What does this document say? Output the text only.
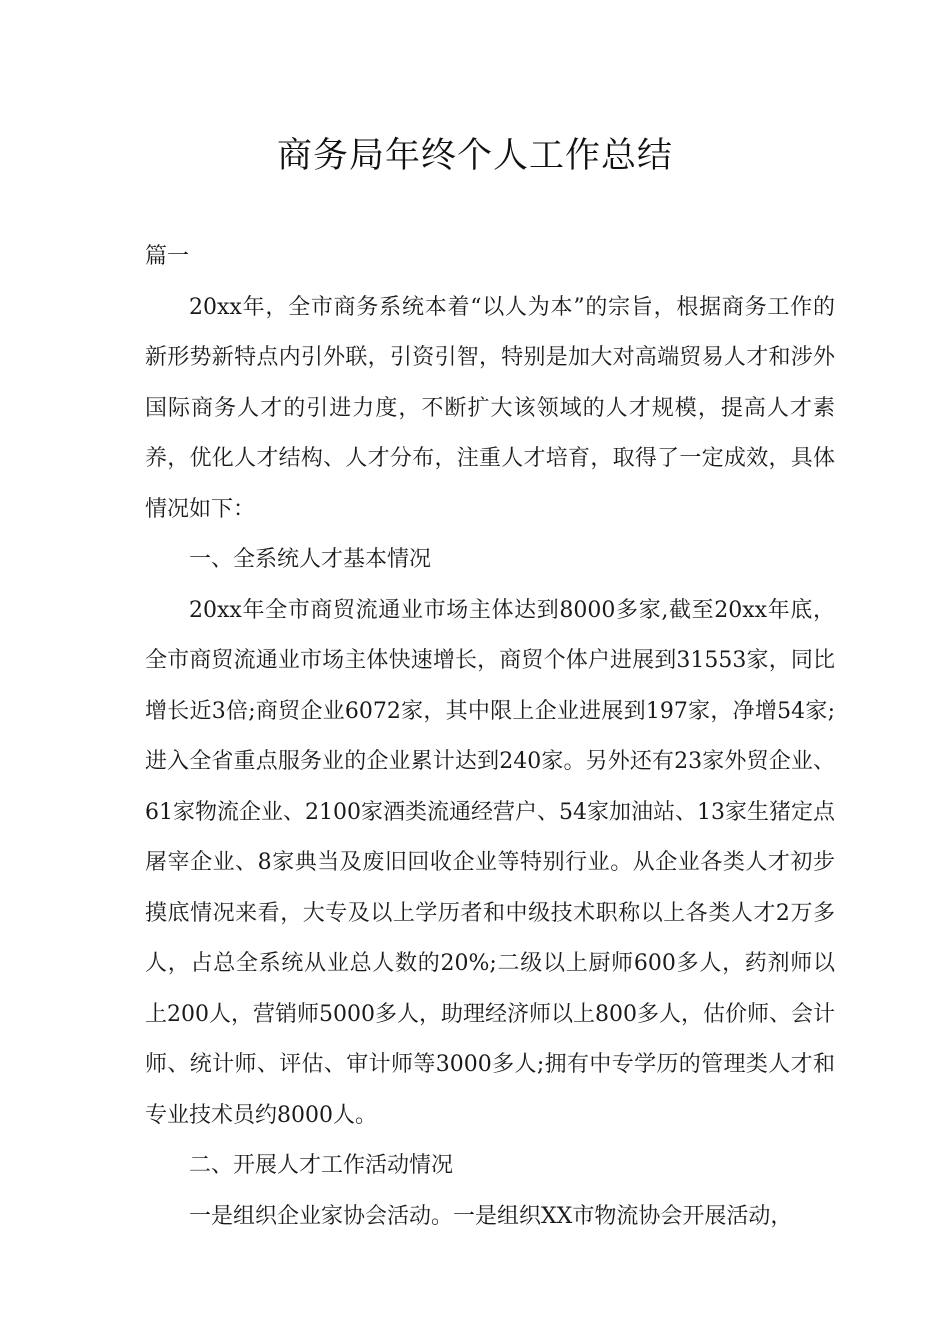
商务局年终个人工作总结

篇一

20xx年，全市商务系统本着“以人为本”的宗旨，根据商务工作的新形势新特点内引外联，引资引智，特别是加大对高端贸易人才和涉外国际商务人才的引进力度，不断扩大该领域的人才规模，提高人才素养，优化人才结构、人才分布，注重人才培育，取得了一定成效，具体情况如下：

一、全系统人才基本情况

20xx年全市商贸流通业市场主体达到8000多家,截至20xx年底，全市商贸流通业市场主体快速增长，商贸个体户进展到31553家，同比增长近3倍;商贸企业6072家，其中限上企业进展到197家，净增54家;进入全省重点服务业的企业累计达到240家。另外还有23家外贸企业、61家物流企业、2100家酒类流通经营户、54家加油站、13家生猪定点屠宰企业、8家典当及废旧回收企业等特别行业。从企业各类人才初步摸底情况来看，大专及以上学历者和中级技术职称以上各类人才2万多人，占总全系统从业总人数的20%;二级以上厨师600多人，药剂师以上200人，营销师5000多人，助理经济师以上800多人，估价师、会计师、统计师、评估、审计师等3000多人;拥有中专学历的管理类人才和专业技术员约8000人。

二、开展人才工作活动情况

一是组织企业家协会活动。一是组织XX市物流协会开展活动，
